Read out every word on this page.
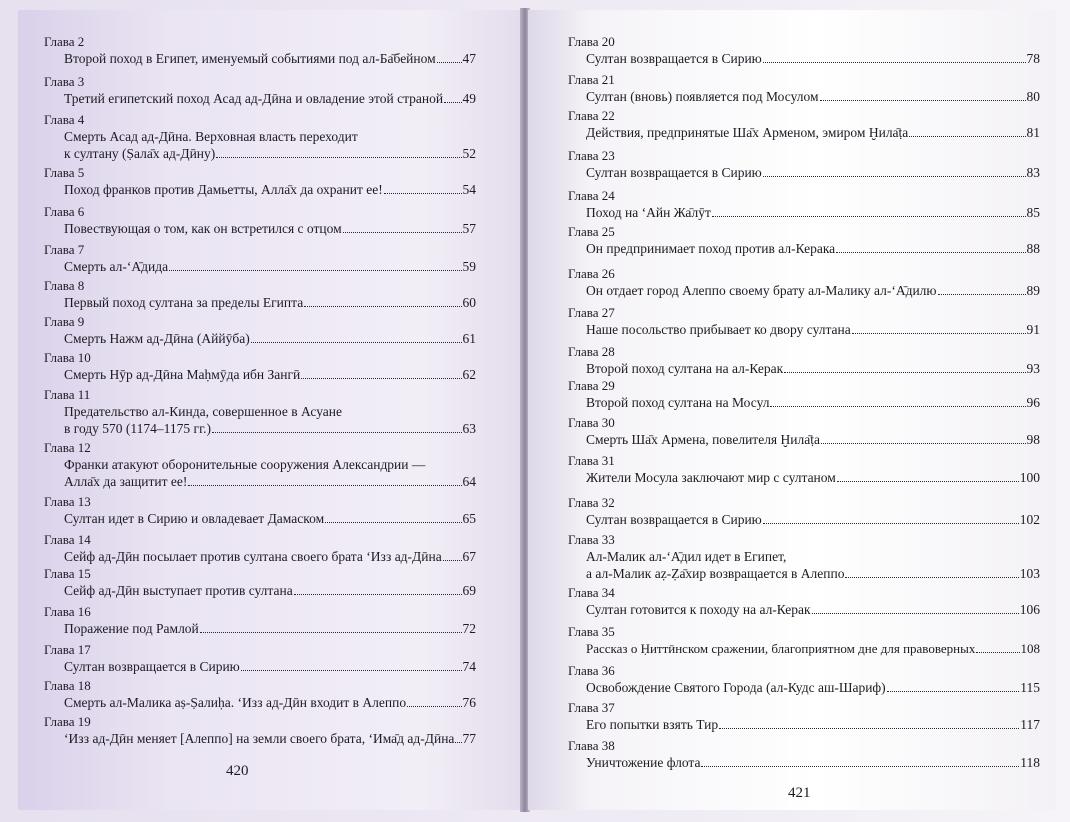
Глава 2
Второй поход в Египет, именуемый событиями под ал-Ба̄бейном 47
Глава 3
Третий египетский поход Асад ад-Дӣна и овладение этой страной 49
Глава 4
Смерть Асад ад-Дӣна. Верховная власть переходит
к султану (Ṣала̄х ад-Дӣну)	52
Глава 5
Поход франков против Дамьетты, Алла̄х да охранит ее!	54
Глава 6
Повествующая о том, как он встретился с отцом	57
Глава 7
Смерть ал-ʻА̄дида	59
Глава 8
Первый поход султана за пределы Египта	60
Глава 9
Смерть Нажм ад-Дӣна (Аййӯба)	61
Глава 10
Смерть Нӯр ад-Дӣна Маḥмӯда ибн Зангӣ	62
Глава 11
Предательство ал-Кинда, совершенное в Асуане
в году 570 (1174–1175 гг.)	63
Глава 12
Франки атакуют оборонительные сооружения Александрии —
Алла̄х да защитит ее!	64
Глава 13
Султан идет в Сирию и овладевает Дамаском	65
Глава 14
Сейф ад-Дӣн посылает против султана своего брата ʻИзз ад-Дӣна 67
Глава 15
Сейф ад-Дӣн выступает против султана	69
Глава 16
Поражение под Рамлой	72
Глава 17
Султан возвращается в Сирию	74
Глава 18
Смерть ал-Малика аṣ-Ṣалиḥа. ʻИзз ад-Дӣн входит в Алеппо	76
Глава 19
ʻИзз ад-Дӣн меняет [Алеппо] на земли своего брата, ʻИма̄д ад-Дӣна 77
420
Глава 20
Султан возвращается в Сирию	78
Глава 21
Султан (вновь) появляется под Мосулом	80
Глава 22
Действия, предпринятые Ша̄х Арменом, эмиром Ḫила̄ṭа	81
Глава 23
Султан возвращается в Сирию	83
Глава 24
Поход на ʻАйн Жа̄лӯт	85
Глава 25
Он предпринимает поход против ал-Керака	88
Глава 26
Он отдает город Алеппо своему брату ал-Малику ал-ʻА̄дилю	89
Глава 27
Наше посольство прибывает ко двору султана	91
Глава 28
Второй поход султана на ал-Керак	93
Глава 29
Второй поход султана на Мосул	96
Глава 30
Смерть Ша̄х Армена, повелителя Ḫила̄ṭа	98
Глава 31
Жители Мосула заключают мир с султаном	100
Глава 32
Султан возвращается в Сирию	102
Глава 33
Ал-Малик ал-ʻА̄дил идет в Египет,
а ал-Малик аẓ-Ẓа̄хир возвращается в Алеппо	103
Глава 34
Султан готовится к походу на ал-Керак	106
Глава 35
Рассказ о Ḥиттӣнском сражении, благоприятном дне для правоверных	108
Глава 36
Освобождение Святого Города (ал-Кудс аш-Шариф)	115
Глава 37
Его попытки взять Тир	117
Глава 38
Уничтожение флота	118
421
